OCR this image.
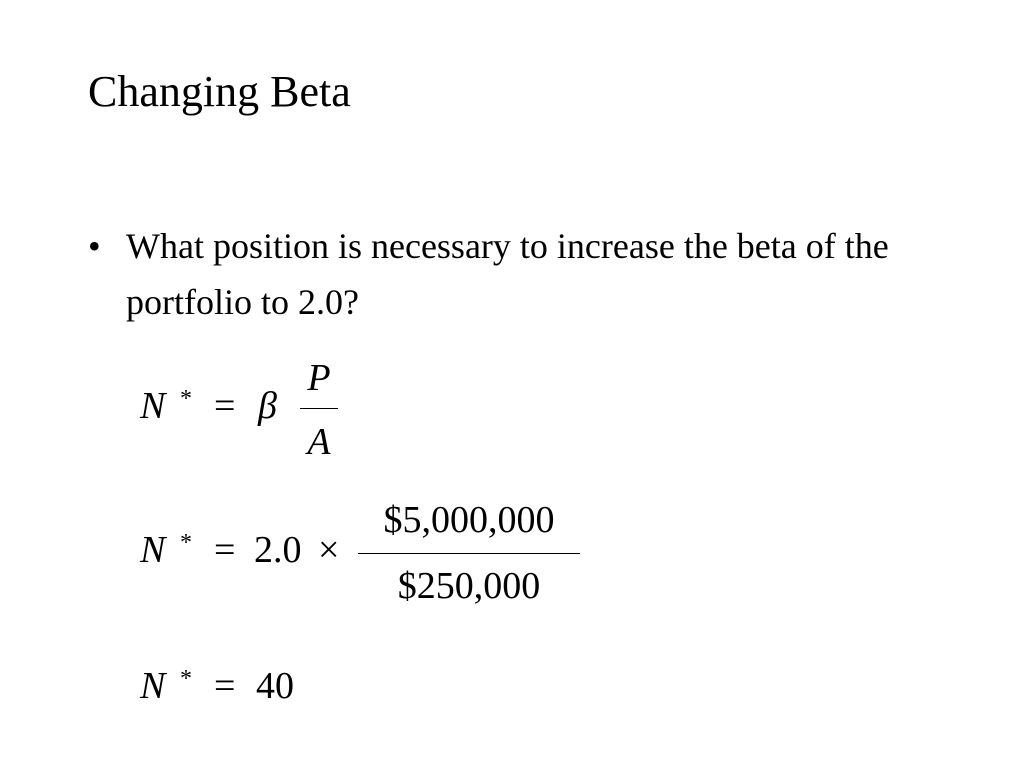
Changing Beta
• What position is necessary to increase the beta of the portfolio to 2.0?
N * = β
P
A
N * = 2.0 ×
$5,000,000
$250,000
N * = 40
